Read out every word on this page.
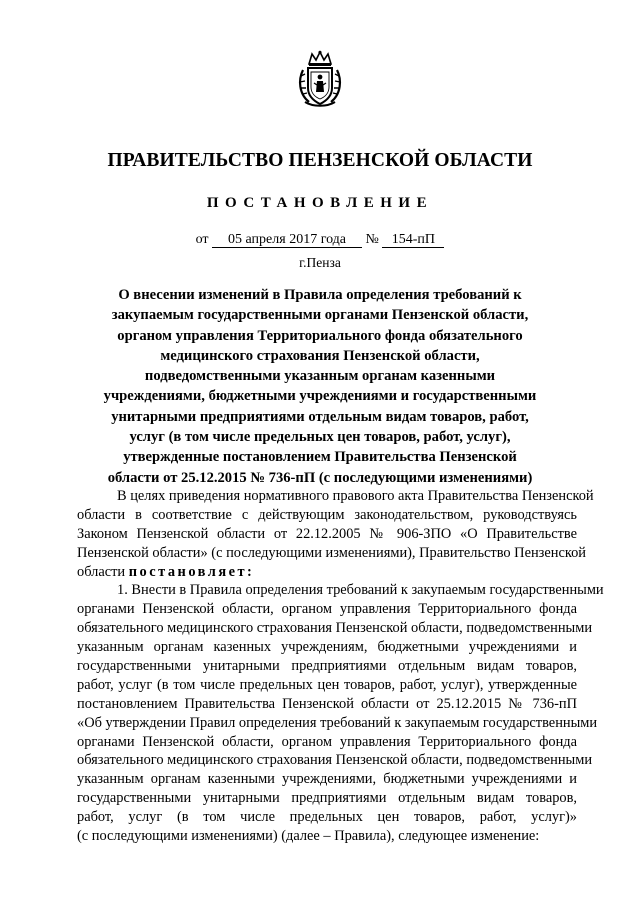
ПРАВИТЕЛЬСТВО ПЕНЗЕНСКОЙ ОБЛАСТИ
ПОСТАНОВЛЕНИЕ
от 05 апреля 2017 года № 154-пП
г.Пенза
О внесении изменений в Правила определения требований к
закупаемым государственными органами Пензенской области,
органом управления Территориального фонда обязательного
медицинского страхования Пензенской области,
подведомственными указанным органам казенными
учреждениями, бюджетными учреждениями и государственными
унитарными предприятиями отдельным видам товаров, работ,
услуг (в том числе предельных цен товаров, работ, услуг),
утвержденные постановлением Правительства Пензенской
области от 25.12.2015 № 736-пП (с последующими изменениями)
В целях приведения нормативного правового акта Правительства Пензенской
области в соответствие с действующим законодательством, руководствуясь
Законом Пензенской области от 22.12.2005 № 906-ЗПО «О Правительстве
Пензенской области» (с последующими изменениями), Правительство Пензенской
области постановляет:
1. Внести в Правила определения требований к закупаемым государственными
органами Пензенской области, органом управления Территориального фонда
обязательного медицинского страхования Пензенской области, подведомственными
указанным органам казенных учреждениям, бюджетными учреждениями и
государственными унитарными предприятиями отдельным видам товаров,
работ, услуг (в том числе предельных цен товаров, работ, услуг), утвержденные
постановлением Правительства Пензенской области от 25.12.2015 № 736-пП
«Об утверждении Правил определения требований к закупаемым государственными
органами Пензенской области, органом управления Территориального фонда
обязательного медицинского страхования Пензенской области, подведомственными
указанным органам казенными учреждениями, бюджетными учреждениями и
государственными унитарными предприятиями отдельным видам товаров,
работ, услуг (в том числе предельных цен товаров, работ, услуг)»
(с последующими изменениями) (далее – Правила), следующее изменение:
